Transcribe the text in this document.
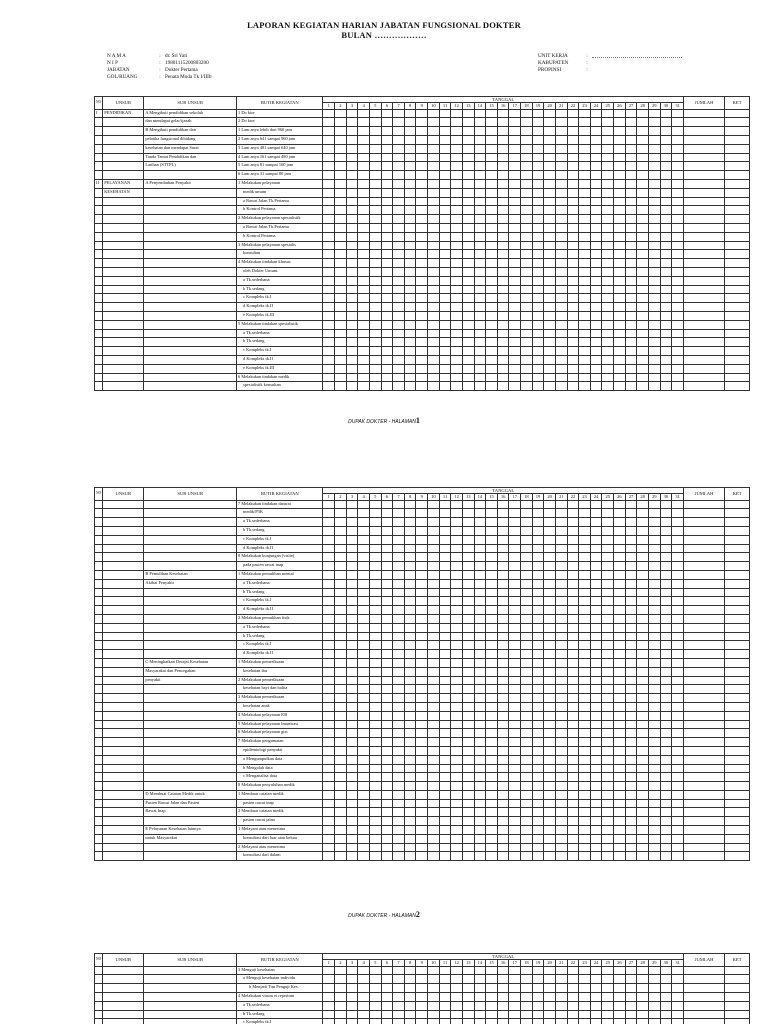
LAPORAN KEGIATAN HARIAN JABATAN FUNGSIONAL DOKTER
BULAN ………………
N A M A	: dr. Sri Yati
N I P	: 19801115200803200
JABATAN	: Dokter Pertama
GOL/RUANG	: Penata Muda Tk I/IIIb
UNIT KERJA	:
KABUPATEN	:
PROPINSI	:
NO	UNSUR	SUB UNSUR	BUTIR KEGIATAN	TANGGAL																															JUMLAH	KET
				1	2	3	4	5	6	7	8	9	10	11	12	13	14	15	16	17	18	19	20	21	22	23	24	25	26	27	28	29	30	31		
I	PENDIDIKAN	A Mengikuti pendidikan sekolah	1 Do ktor																																	
		dan mendapat gelar/ijazah	2 Do ktor																																	
		B Mengikuti pendidikan dan	1 Lam anya lebih dari 960 jam																																	
		pelatiha fungsional dibidang	2 Lam anya 641 sampai 960 jam																																	
		kesehatan dan mendapat Surat	3 Lam anya 481 sampai 640 jam																																	
		Tanda Tamat Pendidikan dan	4 Lam anya 161 sampai 480 jam																																	
		Latihan (STTPL)	5 Lam anya 81 sampai 160 jam																																	
			6 Lam anya 31 sampai 80 jam																																	
II	PELAYANAN	A Penyembuhan Penyakit	1 Melakukan pelayanan																																	
	KESEHATAN		medik umum																																	
			a Rawat Jalan Tk.Pertama																																	
			b Kontrol Pertama																																	
			2 Melakukan pelayanan spesialistik																																	
			a Rawat Jalan Tk.Pertama																																	
			b Kontrol Pertama																																	
			3 Melakukan pelayanan spesialis																																	
			konsultan																																	
			4 Melakukan tindakan khusus																																	
			oleh Dokter Umum.																																	
			a Tk.sederhana																																	
			b Tk.sedang																																	
			c Kompleks tk.I																																	
			d Kompleks tk.II																																	
			e Kompleks tk.III																																	
			5 Melakukan tindakan spesialistik																																	
			a Tk.sederhana																																	
			b Tk.sedang																																	
			c Kompleks tk.I																																	
			d Kompleks tk.II																																	
			e Kompleks tk.III																																	
			6 Melakukan tindakan medik																																	
			spesialistik konsultan																																	
DUPAK DOKTER - HALAMAN1
NO	UNSUR	SUB UNSUR	BUTIR KEGIATAN	TANGGAL																															JUMLAH	KET
				1	2	3	4	5	6	7	8	9	10	11	12	13	14	15	16	17	18	19	20	21	22	23	24	25	26	27	28	29	30	31		
			7 Melakukan tindakan darurat																																	
			medik/P3K																																	
			a Tk.sederhana																																	
			b Tk.sedang																																	
			c Kompleks tk.I																																	
			d Kompleks tk.II																																	
			8 Melakukan kunjungan (visite)																																	
			pada pasien rawat inap																																	
		B Pemulihan Kesehatan	1 Melakukan pemulihan mental																																	
		Akibat Penyakit	a Tk.sederhana																																	
			b Tk.sedang																																	
			c Kompleks tk.I																																	
			d Kompleks tk.II																																	
			2 Melakukan pemulihan fisik																																	
			a Tk.sederhana																																	
			b Tk.sedang																																	
			c Kompleks tk.I																																	
			d Kompleks tk.II																																	
		C Meningkatkan Derajat Kesehatan	1 Melakukan pemeriksaan																																	
		Masyarakat dan Pencegahan	kesehatan ibu																																	
		penyakit	2 Melakukan pemeriksaan																																	
			kesehatan bayi dan balita																																	
			3 Melakukan pemeriksaan																																	
			kesehatan anak																																	
			4 Melakukan pelayanan KB																																	
			5 Melakukan pelayanan Imunisasi																																	
			6 Melakukan pelayanan gizi																																	
			7 Melakukan pengamatan																																	
			epidemiologi penyakit																																	
			a Mengumpulkan data																																	
			b Mengolah data																																	
			c Menganalisa data																																	
			8 Melakukan penyuluhan medik																																	
		D Membuat Catatan Medik untuk	1 Membuat catatan medik																																	
		Pasien Rawat Jalan dan Pasien	pasien rawat inap																																	
		Rawat Inap	2 Membuat catatan medik																																	
			pasien rawat jalan																																	
		E Pelayanan Kesehatan lainnya	1 Melayani atau menerima																																	
		untuk Masyarakat	konsultasi dari luar atau keluar																																	
			2 Melayani atau menerima																																	
			konsultasi dari dalam																																	
DUPAK DOKTER - HALAMAN2
NO	UNSUR	SUB UNSUR	BUTIR KEGIATAN	TANGGAL																															JUMLAH	KET
				1	2	3	4	5	6	7	8	9	10	11	12	13	14	15	16	17	18	19	20	21	22	23	24	25	26	27	28	29	30	31		
			3 Menguji kesehatan																																	
			a Menguji kesehatan individu																																	
			b Menjadi Tim Penguji Kes.																																	
			4 Melakukan visum et repertum																																	
			a Tk.sederhana																																	
			b Tk.sedang																																	
			c Kompleks tk.I																																	
